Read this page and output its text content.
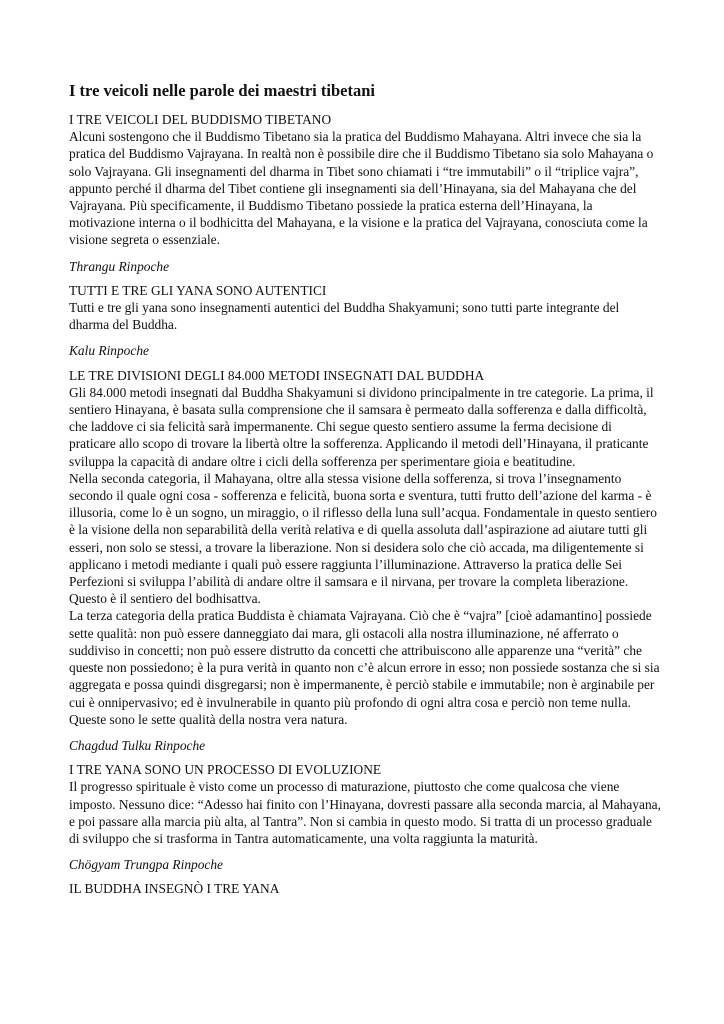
I tre veicoli nelle parole dei maestri tibetani
I TRE VEICOLI DEL BUDDISMO TIBETANO

Alcuni sostengono che il Buddismo Tibetano sia la pratica del Buddismo Mahayana. Altri invece che sia la pratica del Buddismo Vajrayana. In realtà non è possibile dire che il Buddismo Tibetano sia solo Mahayana o solo Vajrayana. Gli insegnamenti del dharma in Tibet sono chiamati i “tre immutabili” o il “triplice vajra”, appunto perché il dharma del Tibet contiene gli insegnamenti sia dell’Hinayana, sia del Mahayana che del Vajrayana. Più specificamente, il Buddismo Tibetano possiede la pratica esterna dell’Hinayana, la motivazione interna o il bodhicitta del Mahayana, e la visione e la pratica del Vajrayana, conosciuta come la visione segreta o essenziale.

Thrangu Rinpoche

TUTTI E TRE GLI YANA SONO AUTENTICI

Tutti e tre gli yana sono insegnamenti autentici del Buddha Shakyamuni; sono tutti parte integrante del dharma del Buddha.

Kalu Rinpoche

LE TRE DIVISIONI DEGLI 84.000 METODI INSEGNATI DAL BUDDHA

Gli 84.000 metodi insegnati dal Buddha Shakyamuni si dividono principalmente in tre categorie. La prima, il sentiero Hinayana, è basata sulla comprensione che il samsara è permeato dalla sofferenza e dalla difficoltà, che laddove ci sia felicità sarà impermanente. Chi segue questo sentiero assume la ferma decisione di praticare allo scopo di trovare la libertà oltre la sofferenza. Applicando il metodi dell’Hinayana, il praticante sviluppa la capacità di andare oltre i cicli della sofferenza per sperimentare gioia e beatitudine.

Nella seconda categoria, il Mahayana, oltre alla stessa visione della sofferenza, si trova l’insegnamento secondo il quale ogni cosa - sofferenza e felicità, buona sorta e sventura, tutti frutto dell’azione del karma - è illusoria, come lo è un sogno, un miraggio, o il riflesso della luna sull’acqua. Fondamentale in questo sentiero è la visione della non separabilità della verità relativa e di quella assoluta dall’aspirazione ad aiutare tutti gli esseri, non solo se stessi, a trovare la liberazione. Non si desidera solo che ciò accada, ma diligentemente si applicano i metodi mediante i quali può essere raggiunta l’illuminazione. Attraverso la pratica delle Sei Perfezioni si sviluppa l’abilità di andare oltre il samsara e il nirvana, per trovare la completa liberazione. Questo è il sentiero del bodhisattva.

La terza categoria della pratica Buddista è chiamata Vajrayana. Ciò che è “vajra” [cioè adamantino] possiede sette qualità: non può essere danneggiato dai mara, gli ostacoli alla nostra illuminazione, né afferrato o suddiviso in concetti; non può essere distrutto da concetti che attribuiscono alle apparenze una “verità” che queste non possiedono; è la pura verità in quanto non c’è alcun errore in esso; non possiede sostanza che si sia aggregata e possa quindi disgregarsi; non è impermanente, è perciò stabile e immutabile; non è arginabile per cui è onnipervasivo; ed è invulnerabile in quanto più profondo di ogni altra cosa e perciò non teme nulla. Queste sono le sette qualità della nostra vera natura.

Chagdud Tulku Rinpoche

I TRE YANA SONO UN PROCESSO DI EVOLUZIONE

Il progresso spirituale è visto come un processo di maturazione, piuttosto che come qualcosa che viene imposto. Nessuno dice: “Adesso hai finito con l’Hinayana, dovresti passare alla seconda marcia, al Mahayana, e poi passare alla marcia più alta, al Tantra”. Non si cambia in questo modo. Si tratta di un processo graduale di sviluppo che si trasforma in Tantra automaticamente, una volta raggiunta la maturità.

Chögyam Trungpa Rinpoche

IL BUDDHA INSEGNÒ I TRE YANA
